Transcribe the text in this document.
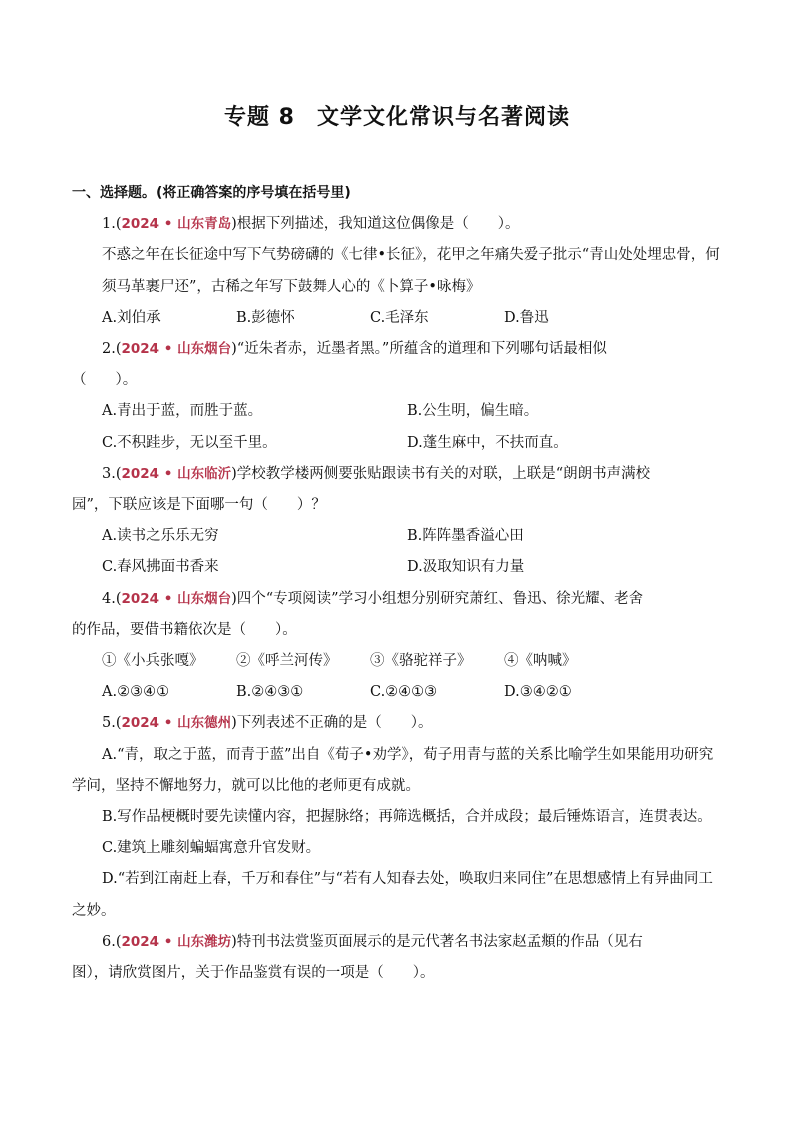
专题 8 文学文化常识与名著阅读
一、选择题。(将正确答案的序号填在括号里)
1.(2024 • 山东青岛)根据下列描述，我知道这位偶像是（　　）。
不惑之年在长征途中写下气势磅礴的《七律•长征》，花甲之年痛失爱子批示“青山处处埋忠骨，何须马革裹尸还”，古稀之年写下鼓舞人心的《卜算子•咏梅》
A.刘伯承	B.彭德怀	C.毛泽东	D.鲁迅
2.(2024 • 山东烟台)“近朱者赤，近墨者黑。”所蕴含的道理和下列哪句话最相似
（　　）。
A.青出于蓝，而胜于蓝。	B.公生明，偏生暗。
C.不积跬步，无以至千里。	D.蓬生麻中，不扶而直。
3.(2024 • 山东临沂)学校教学楼两侧要张贴跟读书有关的对联，上联是“朗朗书声满校
园”，下联应该是下面哪一句（　　）？
A.读书之乐乐无穷	B.阵阵墨香溢心田
C.春风拂面书香来	D.汲取知识有力量
4.(2024 • 山东烟台)四个“专项阅读”学习小组想分别研究萧红、鲁迅、徐光耀、老舍
的作品，要借书籍依次是（　　）。
①《小兵张嘎》	②《呼兰河传》	③《骆驼祥子》	④《呐喊》
A.②③④①	B.②④③①	C.②④①③	D.③④②①
5.(2024 • 山东德州)下列表述不正确的是（　　）。
A.“青，取之于蓝，而青于蓝”出自《荀子•劝学》，荀子用青与蓝的关系比喻学生如果能用功研究学问，坚持不懈地努力，就可以比他的老师更有成就。
B.写作品梗概时要先读懂内容，把握脉络；再筛选概括，合并成段；最后锤炼语言，连贯表达。
C.建筑上雕刻蝙蝠寓意升官发财。
D.“若到江南赶上春，千万和春住”与“若有人知春去处，唤取归来同住”在思想感情上有异曲同工之妙。
6.(2024 • 山东潍坊)特刊书法赏鉴页面展示的是元代著名书法家赵孟頫的作品（见右
图），请欣赏图片，关于作品鉴赏有误的一项是（　　）。
